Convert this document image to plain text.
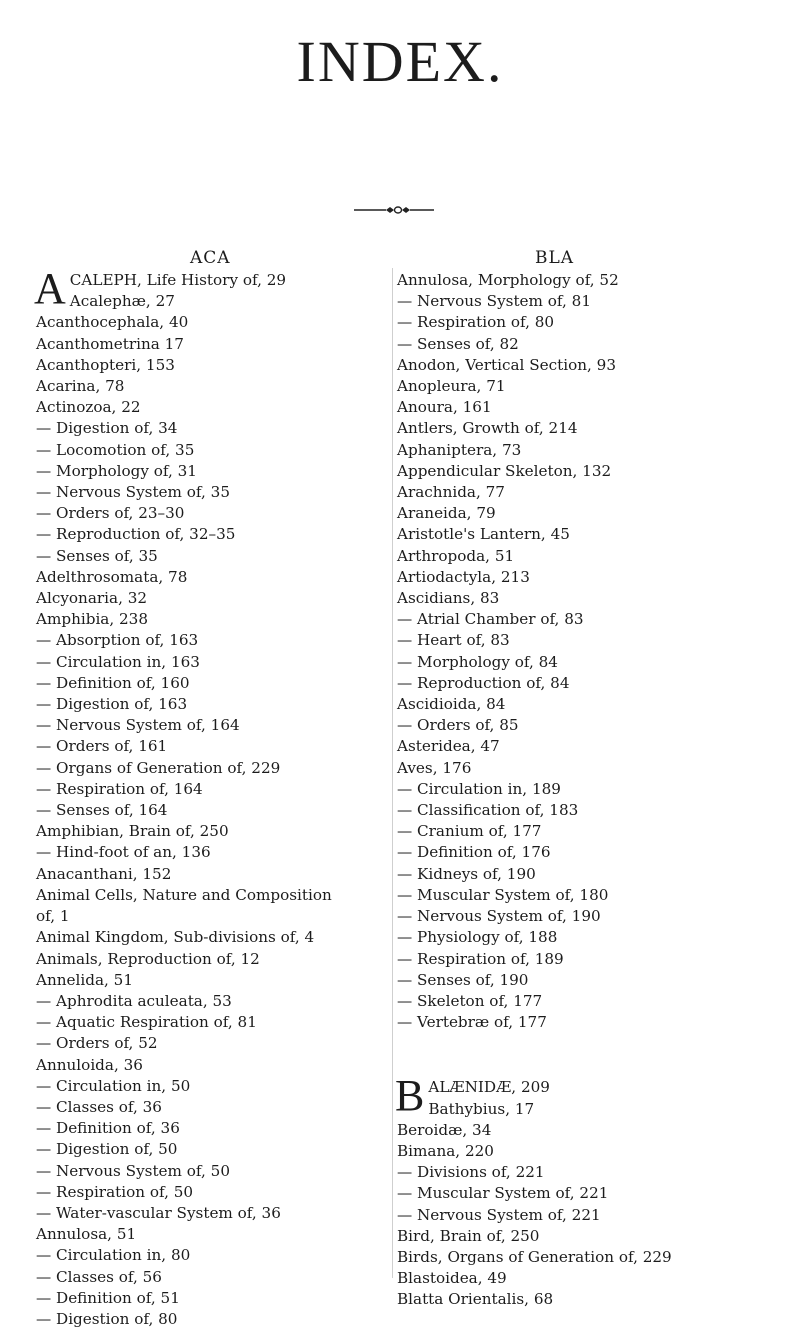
INDEX.
ACA	BLA
ACALEPH, Life History of, 29
Acalephæ, 27
Acanthocephala, 40
Acanthometrina 17
Acanthopteri, 153
Acarina, 78
Actinozoa, 22
— Digestion of, 34
— Locomotion of, 35
— Morphology of, 31
— Nervous System of, 35
— Orders of, 23–30
— Reproduction of, 32–35
— Senses of, 35
Adelthrosomata, 78
Alcyonaria, 32
Amphibia, 238
— Absorption of, 163
— Circulation in, 163
— Definition of, 160
— Digestion of, 163
— Nervous System of, 164
— Orders of, 161
— Organs of Generation of, 229
— Respiration of, 164
— Senses of, 164
Amphibian, Brain of, 250
— Hind-foot of an, 136
Anacanthani, 152
Animal Cells, Nature and Composition
of, 1
Animal Kingdom, Sub-divisions of, 4
Animals, Reproduction of, 12
Annelida, 51
— Aphrodita aculeata, 53
— Aquatic Respiration of, 81
— Orders of, 52
Annuloida, 36
— Circulation in, 50
— Classes of, 36
— Definition of, 36
— Digestion of, 50
— Nervous System of, 50
— Respiration of, 50
— Water-vascular System of, 36
Annulosa, 51
— Circulation in, 80
— Classes of, 56
— Definition of, 51
— Digestion of, 80
Annulosa, Morphology of, 52
— Nervous System of, 81
— Respiration of, 80
— Senses of, 82
Anodon, Vertical Section, 93
Anopleura, 71
Anoura, 161
Antlers, Growth of, 214
Aphaniptera, 73
Appendicular Skeleton, 132
Arachnida, 77
Araneida, 79
Aristotle's Lantern, 45
Arthropoda, 51
Artiodactyla, 213
Ascidians, 83
— Atrial Chamber of, 83
— Heart of, 83
— Morphology of, 84
— Reproduction of, 84
Ascidioida, 84
— Orders of, 85
Asteridea, 47
Aves, 176
— Circulation in, 189
— Classification of, 183
— Cranium of, 177
— Definition of, 176
— Kidneys of, 190
— Muscular System of, 180
— Nervous System of, 190
— Physiology of, 188
— Respiration of, 189
— Senses of, 190
— Skeleton of, 177
— Vertebræ of, 177
BALÆNIDÆ, 209
Bathybius, 17
Beroidæ, 34
Bimana, 220
— Divisions of, 221
— Muscular System of, 221
— Nervous System of, 221
Bird, Brain of, 250
Birds, Organs of Generation of, 229
Blastoidea, 49
Blatta Orientalis, 68
